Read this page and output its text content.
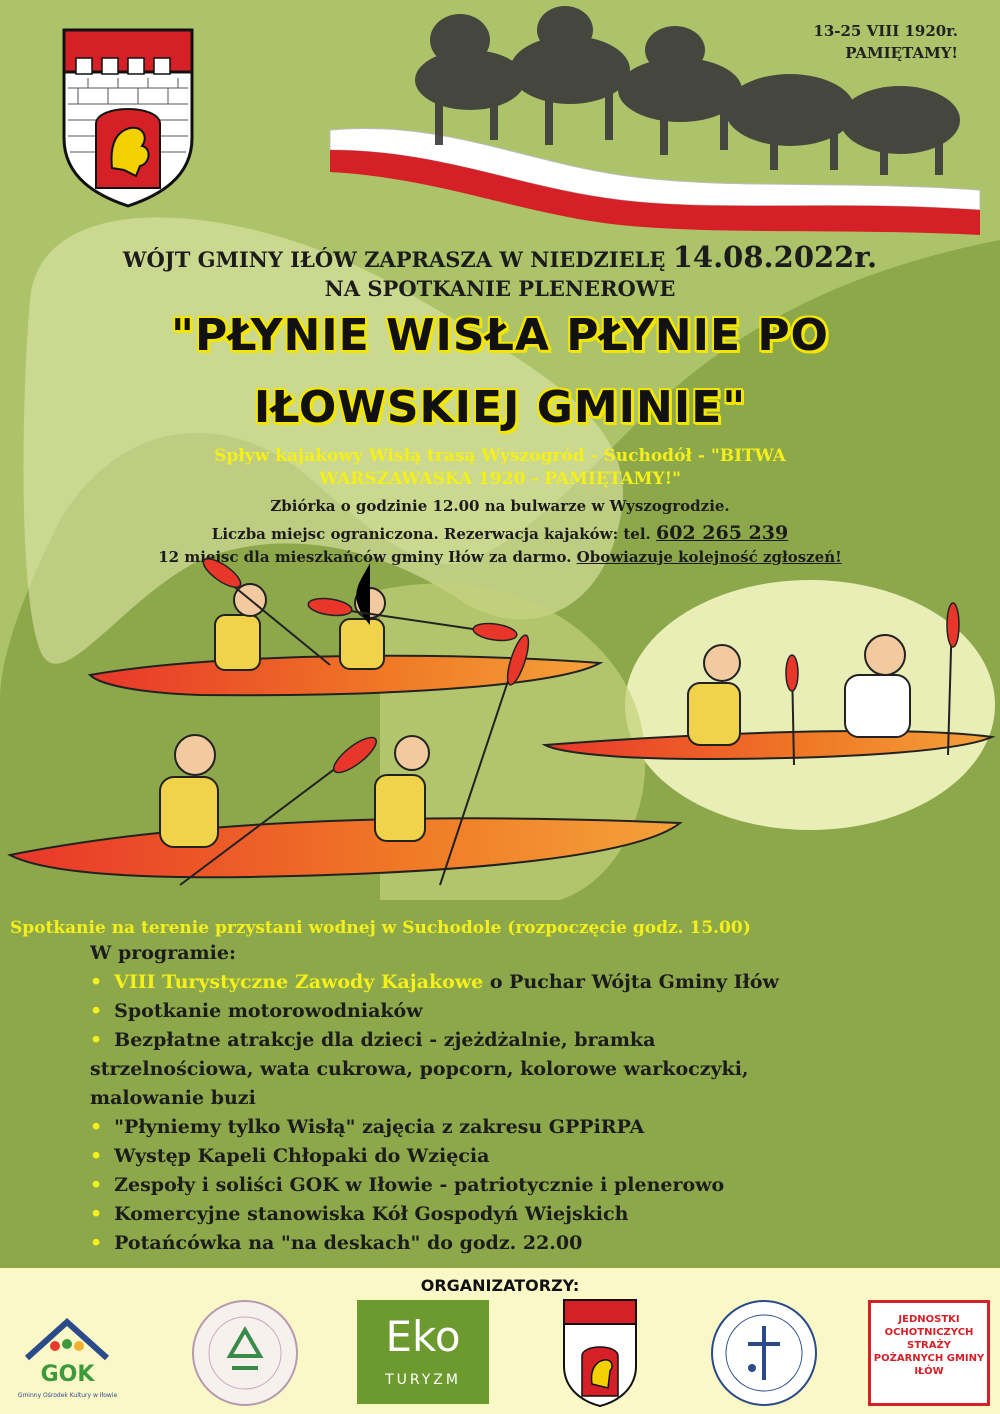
13-25 VIII 1920r.
PAMIĘTAMY!
WÓJT GMINY IŁÓW ZAPRASZA W NIEDZIELĘ 14.08.2022r.
NA SPOTKANIE PLENEROWE
"PŁYNIE WISŁA PŁYNIE PO
IŁOWSKIEJ GMINIE"
Spływ kajakowy Wisłą trasą Wyszogród - Suchodół - "BITWA
WARSZAWASKA 1920 - PAMIĘTAMY!"
Zbiórka o godzinie 12.00 na bulwarze w Wyszogrodzie.
Liczba miejsc ograniczona. Rezerwacja kajaków: tel. 602 265 239
12 miejsc dla mieszkańców gminy Iłów za darmo. Obowiazuje kolejność zgłoszeń!
Spotkanie na terenie przystani wodnej w Suchodole (rozpoczęcie godz. 15.00)
W programie:
• VIII Turystyczne Zawody Kajakowe o Puchar Wójta Gminy Iłów
• Spotkanie motorowodniaków
• Bezpłatne atrakcje dla dzieci - zjeżdżalnie, bramka
strzelnościowa, wata cukrowa, popcorn, kolorowe warkoczyki,
malowanie buzi
• "Płyniemy tylko Wisłą" zajęcia z zakresu GPPiRPA
• Występ Kapeli Chłopaki do Wzięcia
• Zespoły i soliści GOK w Iłowie - patriotycznie i plenerowo
• Komercyjne stanowiska Kół Gospodyń Wiejskich
• Potańcówka na "na deskach" do godz. 22.00
ORGANIZATORZY:
GOK
Gminny Ośrodek Kultury w Iłowie
Eko
TURYZM
JEDNOSTKI OCHOTNICZYCH STRAŻY POŻARNYCH GMINY IŁÓW
